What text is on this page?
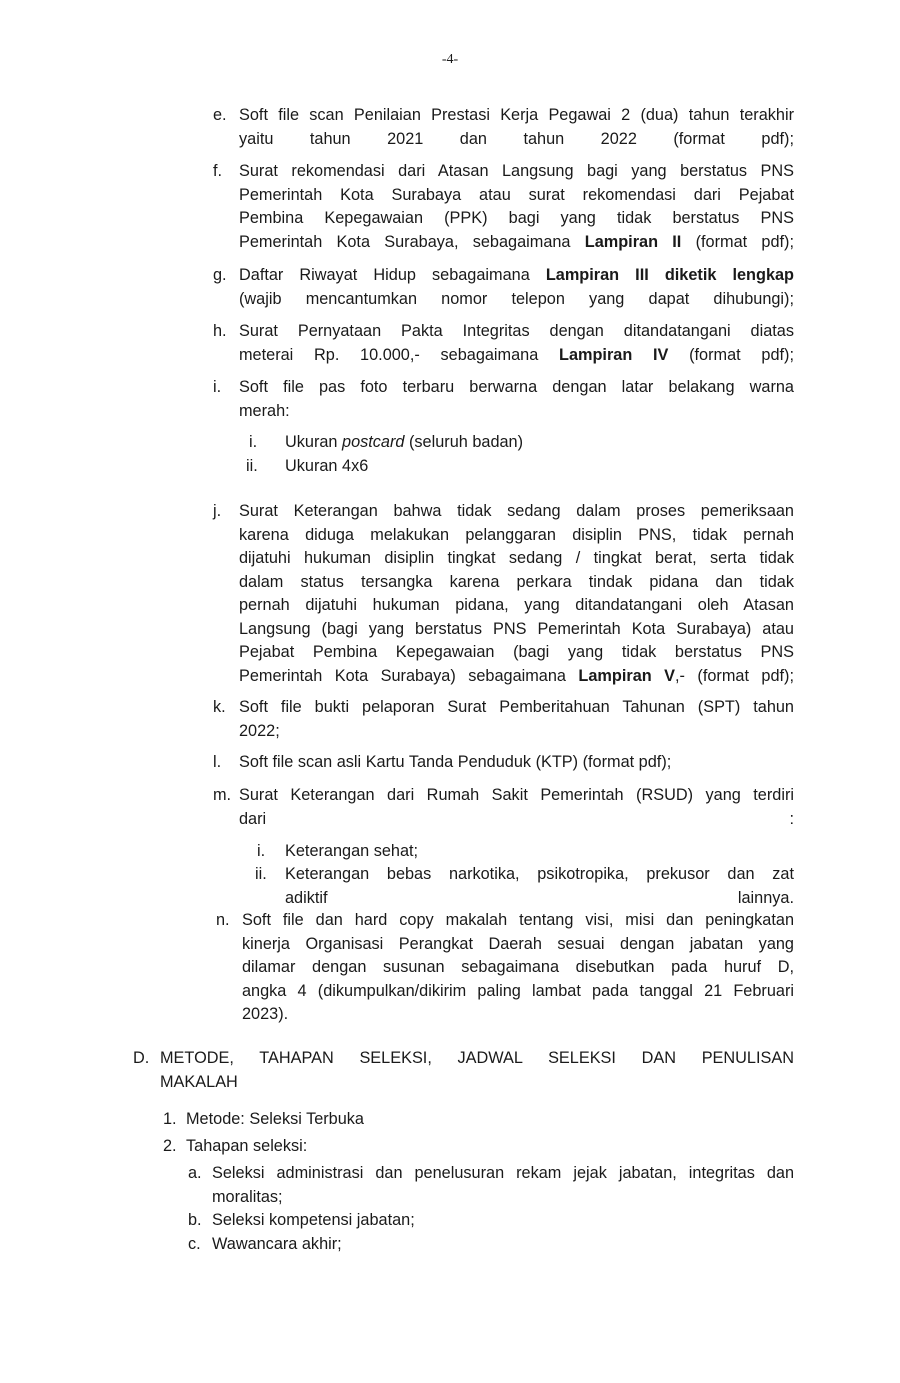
-4-
e. Soft file scan Penilaian Prestasi Kerja Pegawai 2 (dua) tahun terakhir
yaitu tahun 2021 dan tahun 2022 (format pdf);
f. Surat rekomendasi dari Atasan Langsung bagi yang berstatus PNS
Pemerintah Kota Surabaya atau surat rekomendasi dari Pejabat
Pembina Kepegawaian (PPK) bagi yang tidak berstatus PNS
Pemerintah Kota Surabaya, sebagaimana Lampiran II (format pdf);
g. Daftar Riwayat Hidup sebagaimana Lampiran III diketik lengkap
(wajib mencantumkan nomor telepon yang dapat dihubungi);
h. Surat Pernyataan Pakta Integritas dengan ditandatangani diatas
meterai Rp. 10.000,- sebagaimana Lampiran IV (format pdf);
i. Soft file pas foto terbaru berwarna dengan latar belakang warna
merah:
i. Ukuran postcard (seluruh badan)
ii. Ukuran 4x6
j. Surat Keterangan bahwa tidak sedang dalam proses pemeriksaan
karena diduga melakukan pelanggaran disiplin PNS, tidak pernah
dijatuhi hukuman disiplin tingkat sedang / tingkat berat, serta tidak
dalam status tersangka karena perkara tindak pidana dan tidak
pernah dijatuhi hukuman pidana, yang ditandatangani oleh Atasan
Langsung (bagi yang berstatus PNS Pemerintah Kota Surabaya) atau
Pejabat Pembina Kepegawaian (bagi yang tidak berstatus PNS
Pemerintah Kota Surabaya) sebagaimana Lampiran V,- (format pdf);
k. Soft file bukti pelaporan Surat Pemberitahuan Tahunan (SPT) tahun
2022;
l. Soft file scan asli Kartu Tanda Penduduk (KTP) (format pdf);
m. Surat Keterangan dari Rumah Sakit Pemerintah (RSUD) yang terdiri
dari :
i. Keterangan sehat;
ii. Keterangan bebas narkotika, psikotropika, prekusor dan zat
adiktif lainnya.
n. Soft file dan hard copy makalah tentang visi, misi dan peningkatan
kinerja Organisasi Perangkat Daerah sesuai dengan jabatan yang
dilamar dengan susunan sebagaimana disebutkan pada huruf D,
angka 4 (dikumpulkan/dikirim paling lambat pada tanggal 21 Februari
2023).
D. METODE, TAHAPAN SELEKSI, JADWAL SELEKSI DAN PENULISAN
MAKALAH
1. Metode: Seleksi Terbuka
2. Tahapan seleksi:
a. Seleksi administrasi dan penelusuran rekam jejak jabatan, integritas dan
moralitas;
b. Seleksi kompetensi jabatan;
c. Wawancara akhir;
